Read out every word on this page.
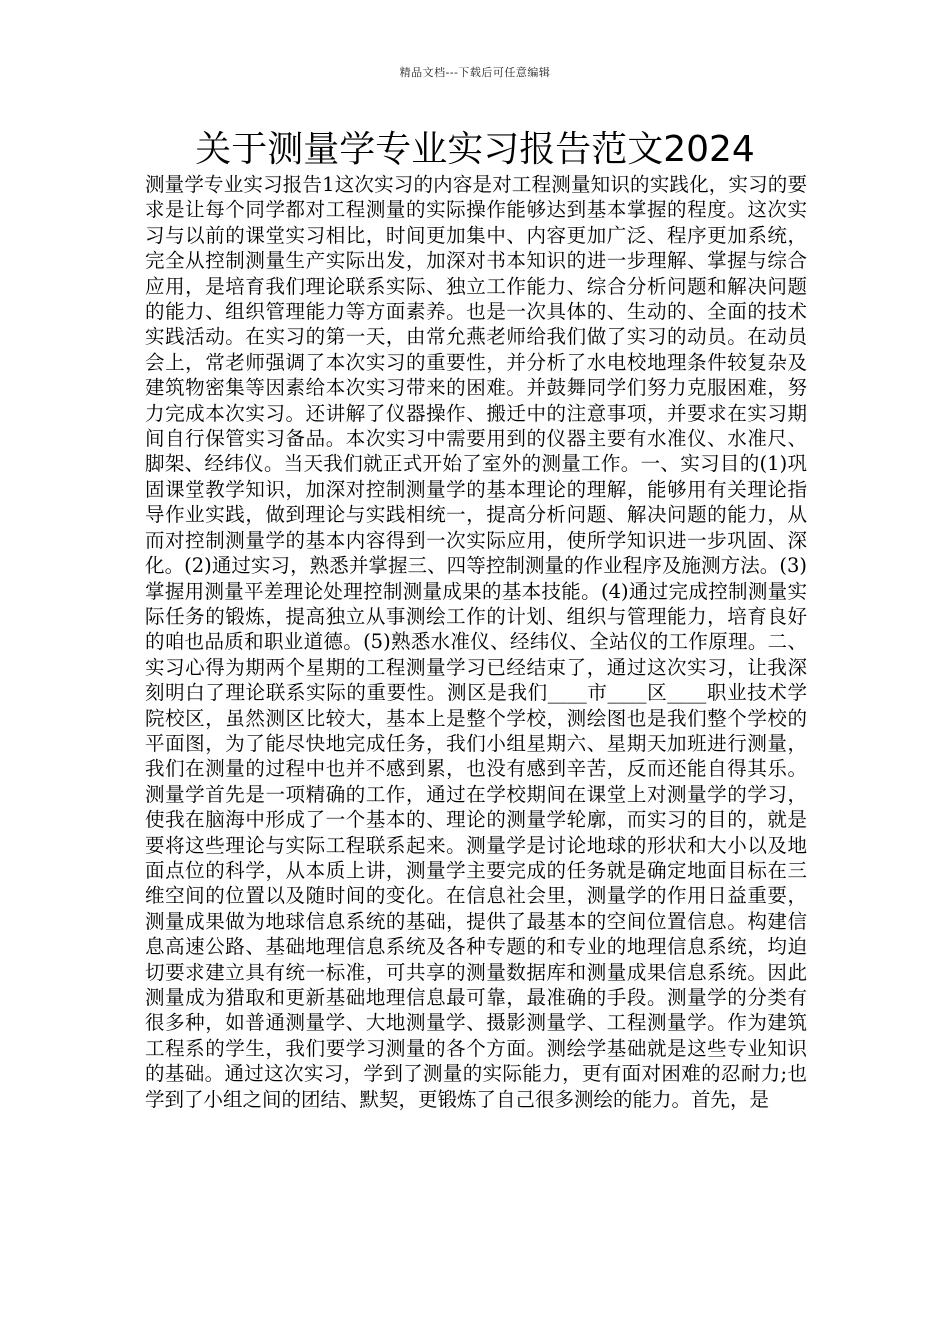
精品文档---下载后可任意编辑
关于测量学专业实习报告范文2024

测量学专业实习报告1这次实习的内容是对工程测量知识的实践化，实习的要求是让每个同学都对工程测量的实际操作能够达到基本掌握的程度。这次实习与以前的课堂实习相比，时间更加集中、内容更加广泛、程序更加系统，完全从控制测量生产实际出发，加深对书本知识的进一步理解、掌握与综合应用，是培育我们理论联系实际、独立工作能力、综合分析问题和解决问题的能力、组织管理能力等方面素养。也是一次具体的、生动的、全面的技术实践活动。在实习的第一天，由常允燕老师给我们做了实习的动员。在动员会上，常老师强调了本次实习的重要性，并分析了水电校地理条件较复杂及建筑物密集等因素给本次实习带来的困难。并鼓舞同学们努力克服困难，努力完成本次实习。还讲解了仪器操作、搬迁中的注意事项，并要求在实习期间自行保管实习备品。本次实习中需要用到的仪器主要有水准仪、水准尺、脚架、经纬仪。当天我们就正式开始了室外的测量工作。一、实习目的(1)巩固课堂教学知识，加深对控制测量学的基本理论的理解，能够用有关理论指导作业实践，做到理论与实践相统一，提高分析问题、解决问题的能力，从而对控制测量学的基本内容得到一次实际应用，使所学知识进一步巩固、深化。(2)通过实习，熟悉并掌握三、四等控制测量的作业程序及施测方法。(3)掌握用测量平差理论处理控制测量成果的基本技能。(4)通过完成控制测量实际任务的锻炼，提高独立从事测绘工作的计划、组织与管理能力，培育良好的咱也品质和职业道德。(5)熟悉水准仪、经纬仪、全站仪的工作原理。二、实习心得为期两个星期的工程测量学习已经结束了，通过这次实习，让我深刻明白了理论联系实际的重要性。测区是我们____市____区____职业技术学院校区，虽然测区比较大，基本上是整个学校，测绘图也是我们整个学校的平面图，为了能尽快地完成任务，我们小组星期六、星期天加班进行测量，我们在测量的过程中也并不感到累，也没有感到辛苦，反而还能自得其乐。测量学首先是一项精确的工作，通过在学校期间在课堂上对测量学的学习，使我在脑海中形成了一个基本的、理论的测量学轮廓，而实习的目的，就是要将这些理论与实际工程联系起来。测量学是讨论地球的形状和大小以及地面点位的科学，从本质上讲，测量学主要完成的任务就是确定地面目标在三维空间的位置以及随时间的变化。在信息社会里，测量学的作用日益重要，测量成果做为地球信息系统的基础，提供了最基本的空间位置信息。构建信息高速公路、基础地理信息系统及各种专题的和专业的地理信息系统，均迫切要求建立具有统一标准，可共享的测量数据库和测量成果信息系统。因此测量成为猎取和更新基础地理信息最可靠，最准确的手段。测量学的分类有很多种，如普通测量学、大地测量学、摄影测量学、工程测量学。作为建筑工程系的学生，我们要学习测量的各个方面。测绘学基础就是这些专业知识的基础。通过这次实习，学到了测量的实际能力，更有面对困难的忍耐力;也学到了小组之间的团结、默契，更锻炼了自己很多测绘的能力。首先，是
